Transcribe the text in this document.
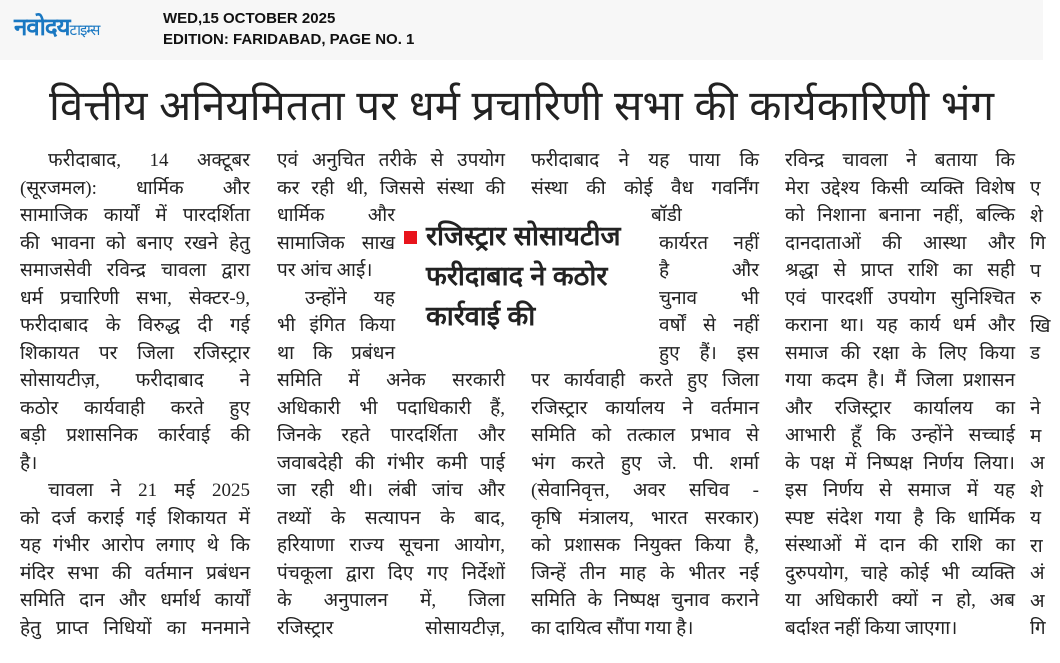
नवोदयटाइम्स
WED,15 OCTOBER 2025
EDITION: FARIDABAD, PAGE NO. 1
वित्तीय अनियमितता पर धर्म प्रचारिणी सभा की कार्यकारिणी भंग
फरीदाबाद, 14 अक्टूबर
(सूरजमल): धार्मिक और
सामाजिक कार्यों में पारदर्शिता
की भावना को बनाए रखने हेतु
समाजसेवी रविन्द्र चावला द्वारा
धर्म प्रचारिणी सभा, सेक्टर-9,
फरीदाबाद के विरुद्ध दी गई
शिकायत पर जिला रजिस्ट्रार
सोसायटीज़, फरीदाबाद ने
कठोर कार्यवाही करते हुए
बड़ी प्रशासनिक कार्रवाई की
है।
चावला ने 21 मई 2025
को दर्ज कराई गई शिकायत में
यह गंभीर आरोप लगाए थे कि
मंदिर सभा की वर्तमान प्रबंधन
समिति दान और धर्मार्थ कार्यों
हेतु प्राप्त निधियों का मनमाने
एवं अनुचित तरीके से उपयोग
कर रही थी, जिससे संस्था की
धार्मिक और
सामाजिक साख
पर आंच आई।
उन्होंने यह
भी इंगित किया
था कि प्रबंधन
समिति में अनेक सरकारी
अधिकारी भी पदाधिकारी हैं,
जिनके रहते पारदर्शिता और
जवाबदेही की गंभीर कमी पाई
जा रही थी। लंबी जांच और
तथ्यों के सत्यापन के बाद,
हरियाणा राज्य सूचना आयोग,
पंचकूला द्वारा दिए गए निर्देशों
के अनुपालन में, जिला
रजिस्ट्रार सोसायटीज़,
फरीदाबाद ने यह पाया कि
संस्था की कोई वैध गवर्निंग
बॉडी
कार्यरत नहीं
है और
चुनाव भी
वर्षों से नहीं
हुए हैं। इस
पर कार्यवाही करते हुए जिला
रजिस्ट्रार कार्यालय ने वर्तमान
समिति को तत्काल प्रभाव से
भंग करते हुए जे. पी. शर्मा
(सेवानिवृत्त, अवर सचिव -
कृषि मंत्रालय, भारत सरकार)
को प्रशासक नियुक्त किया है,
जिन्हें तीन माह के भीतर नई
समिति के निष्पक्ष चुनाव कराने
का दायित्व सौंपा गया है।
रविन्द्र चावला ने बताया कि
मेरा उद्देश्य किसी व्यक्ति विशेष
को निशाना बनाना नहीं, बल्कि
दानदाताओं की आस्था और
श्रद्धा से प्राप्त राशि का सही
एवं पारदर्शी उपयोग सुनिश्चित
कराना था। यह कार्य धर्म और
समाज की रक्षा के लिए किया
गया कदम है। मैं जिला प्रशासन
और रजिस्ट्रार कार्यालय का
आभारी हूँ कि उन्होंने सच्चाई
के पक्ष में निष्पक्ष निर्णय लिया।
इस निर्णय से समाज में यह
स्पष्ट संदेश गया है कि धार्मिक
संस्थाओं में दान की राशि का
दुरुपयोग, चाहे कोई भी व्यक्ति
या अधिकारी क्यों न हो, अब
बर्दाश्त नहीं किया जाएगा।
ए
शे
गि
प
रु
खि
ड
ने
म
अ
शे
य
रा
अं
अ
गि
रजिस्ट्रार सोसायटीज
फरीदाबाद ने कठोर
कार्रवाई की
